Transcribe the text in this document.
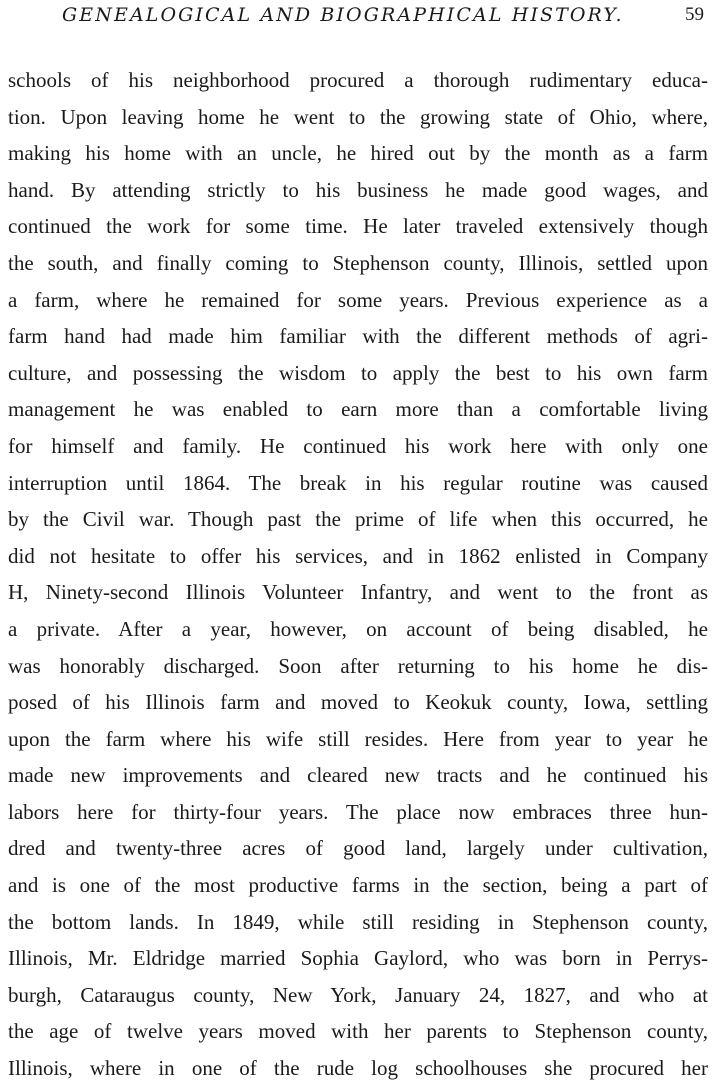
GENEALOGICAL AND BIOGRAPHICAL HISTORY.	59
schools of his neighborhood procured a thorough rudimentary educa-
tion. Upon leaving home he went to the growing state of Ohio, where,
making his home with an uncle, he hired out by the month as a farm
hand. By attending strictly to his business he made good wages, and
continued the work for some time. He later traveled extensively though
the south, and finally coming to Stephenson county, Illinois, settled upon
a farm, where he remained for some years. Previous experience as a
farm hand had made him familiar with the different methods of agri-
culture, and possessing the wisdom to apply the best to his own farm
management he was enabled to earn more than a comfortable living
for himself and family. He continued his work here with only one
interruption until 1864. The break in his regular routine was caused
by the Civil war. Though past the prime of life when this occurred, he
did not hesitate to offer his services, and in 1862 enlisted in Company
H, Ninety-second Illinois Volunteer Infantry, and went to the front as
a private. After a year, however, on account of being disabled, he
was honorably discharged. Soon after returning to his home he dis-
posed of his Illinois farm and moved to Keokuk county, Iowa, settling
upon the farm where his wife still resides. Here from year to year he
made new improvements and cleared new tracts and he continued his
labors here for thirty-four years. The place now embraces three hun-
dred and twenty-three acres of good land, largely under cultivation,
and is one of the most productive farms in the section, being a part of
the bottom lands. In 1849, while still residing in Stephenson county,
Illinois, Mr. Eldridge married Sophia Gaylord, who was born in Perrys-
burgh, Cataraugus county, New York, January 24, 1827, and who at
the age of twelve years moved with her parents to Stephenson county,
Illinois, where in one of the rude log schoolhouses she procured her
